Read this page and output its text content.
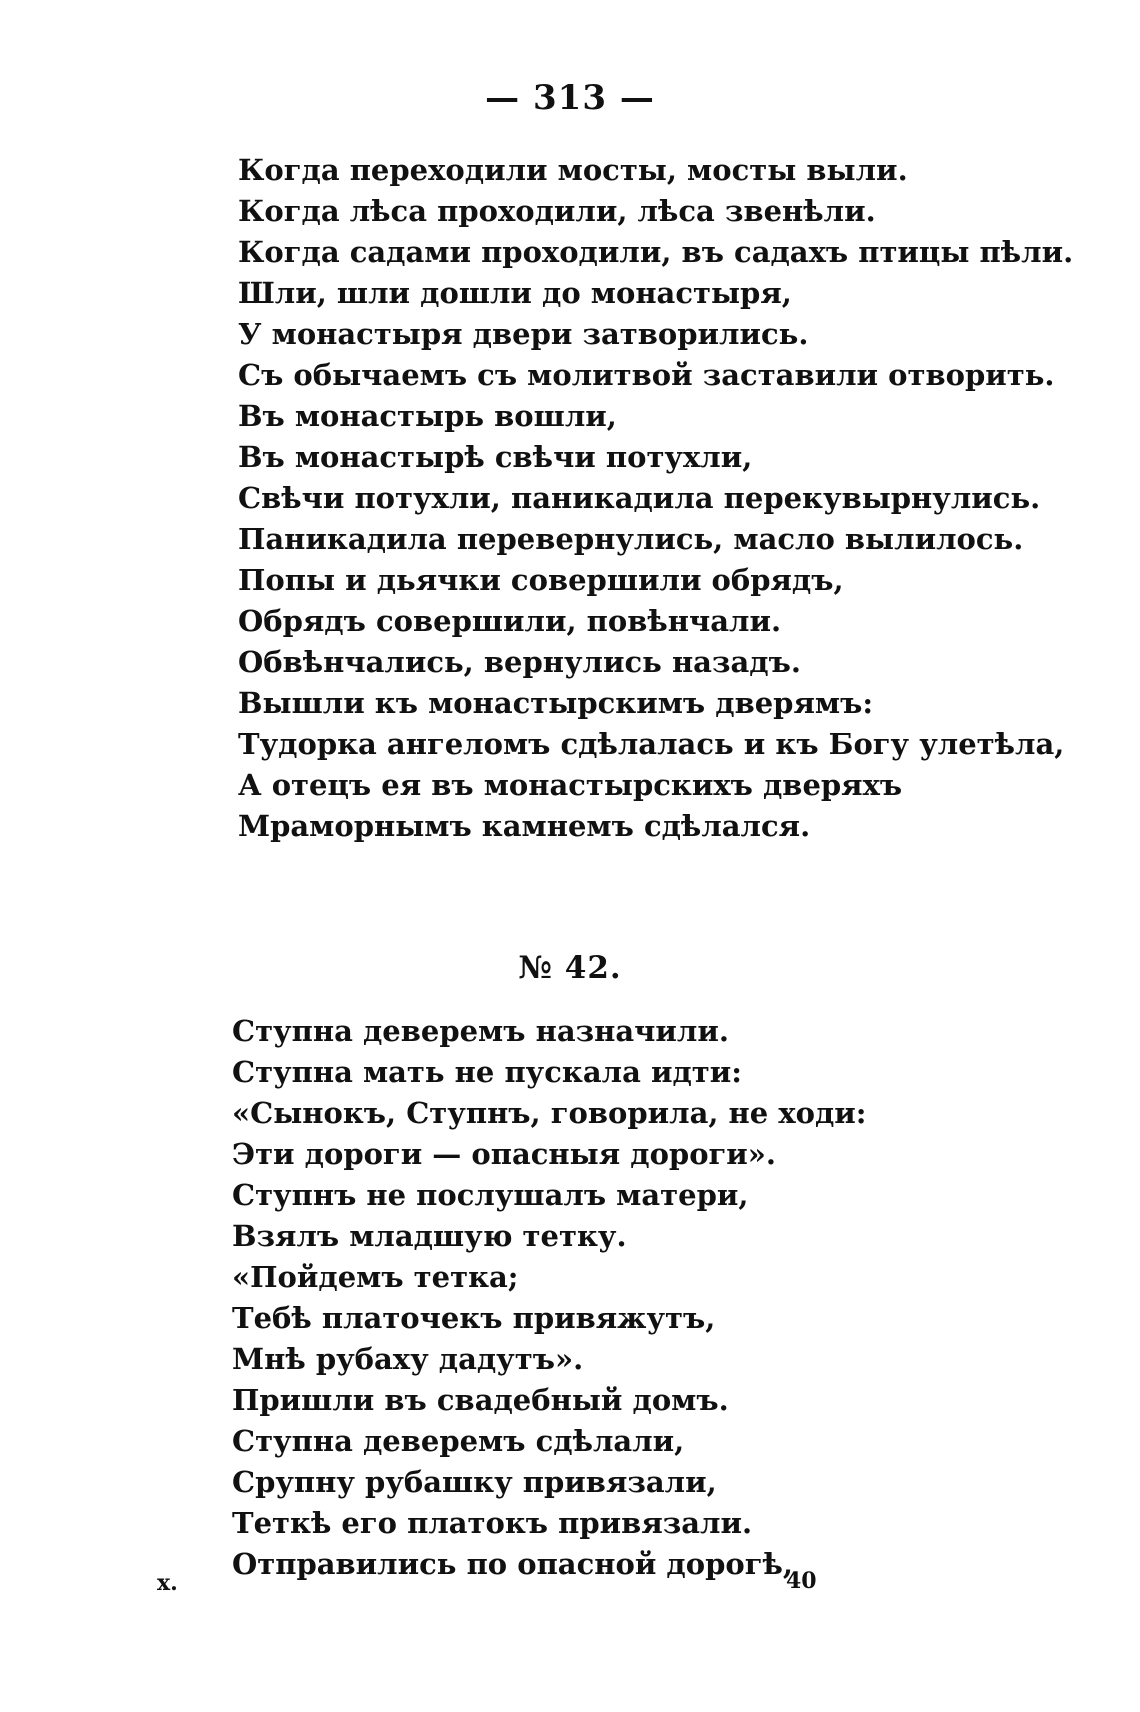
— 313 —
Когда переходили мосты, мосты выли.
Когда лѣса проходили, лѣса звенѣли.
Когда садами проходили, въ садахъ птицы пѣли.
Шли, шли дошли до монастыря,
У монастыря двери затворились.
Съ обычаемъ съ молитвой заставили отворить.
Въ монастырь вошли,
Въ монастырѣ свѣчи потухли,
Свѣчи потухли, паникадила перекувырнулись.
Паникадила перевернулись, масло вылилось.
Попы и дьячки совершили обрядъ,
Обрядъ совершили, повѣнчали.
Обвѣнчались, вернулись назадъ.
Вышли къ монастырскимъ дверямъ:
Тудорка ангеломъ сдѣлалась и къ Богу улетѣла,
А отецъ ея въ монастырскихъ дверяхъ
Мраморнымъ камнемъ сдѣлался.
№ 42.
Ступна деверемъ назначили.
Ступна мать не пускала идти:
«Сынокъ, Ступнъ, говорила, не ходи:
Эти дороги — опасныя дороги».
Ступнъ не послушалъ матери,
Взялъ младшую тетку.
«Пойдемъ тетка;
Тебѣ платочекъ привяжутъ,
Мнѣ рубаху дадутъ».
Пришли въ свадебный домъ.
Ступна деверемъ сдѣлали,
Срупну рубашку привязали,
Теткѣ его платокъ привязали.
Отправились по опасной дорогѣ,
x.	40
